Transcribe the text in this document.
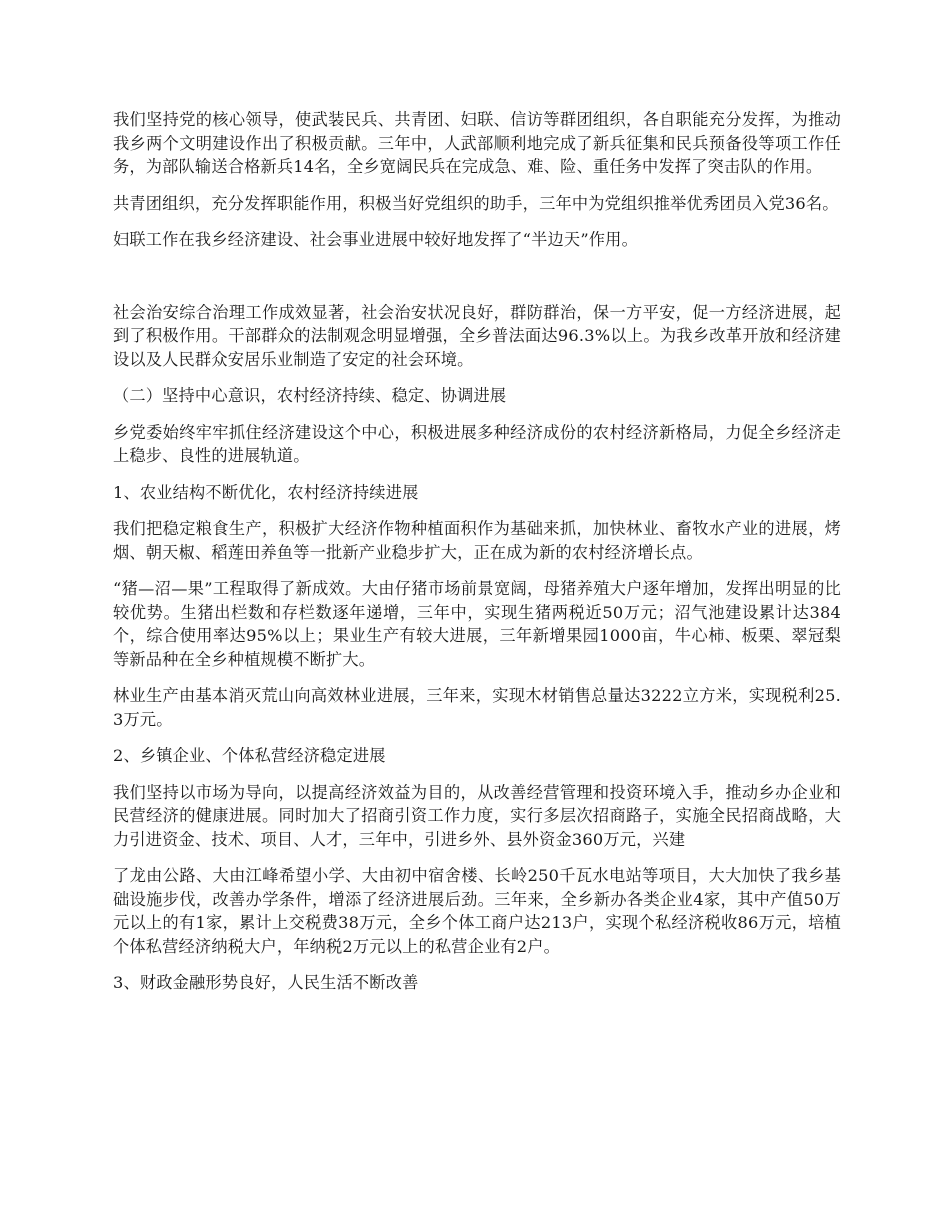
我们坚持党的核心领导，使武装民兵、共青团、妇联、信访等群团组织，各自职能充分发挥，为推动我乡两个文明建设作出了积极贡献。三年中，人武部顺利地完成了新兵征集和民兵预备役等项工作任务，为部队输送合格新兵14名，全乡宽阔民兵在完成急、难、险、重任务中发挥了突击队的作用。

共青团组织，充分发挥职能作用，积极当好党组织的助手，三年中为党组织推举优秀团员入党36名。

妇联工作在我乡经济建设、社会事业进展中较好地发挥了“半边天”作用。

社会治安综合治理工作成效显著，社会治安状况良好，群防群治，保一方平安，促一方经济进展，起到了积极作用。干部群众的法制观念明显增强，全乡普法面达96.3%以上。为我乡改革开放和经济建设以及人民群众安居乐业制造了安定的社会环境。

（二）坚持中心意识，农村经济持续、稳定、协调进展

乡党委始终牢牢抓住经济建设这个中心，积极进展多种经济成份的农村经济新格局，力促全乡经济走上稳步、良性的进展轨道。

1、农业结构不断优化，农村经济持续进展

我们把稳定粮食生产，积极扩大经济作物种植面积作为基础来抓，加快林业、畜牧水产业的进展，烤烟、朝天椒、稻莲田养鱼等一批新产业稳步扩大，正在成为新的农村经济增长点。

“猪—沼—果”工程取得了新成效。大由仔猪市场前景宽阔，母猪养殖大户逐年增加，发挥出明显的比较优势。生猪出栏数和存栏数逐年递增，三年中，实现生猪两税近50万元；沼气池建设累计达384个，综合使用率达95%以上；果业生产有较大进展，三年新增果园1000亩，牛心柿、板栗、翠冠梨等新品种在全乡种植规模不断扩大。

林业生产由基本消灭荒山向高效林业进展，三年来，实现木材销售总量达3222立方米，实现税利25.3万元。

2、乡镇企业、个体私营经济稳定进展

我们坚持以市场为导向，以提高经济效益为目的，从改善经营管理和投资环境入手，推动乡办企业和民营经济的健康进展。同时加大了招商引资工作力度，实行多层次招商路子，实施全民招商战略，大力引进资金、技术、项目、人才，三年中，引进乡外、县外资金360万元，兴建

了龙由公路、大由江峰希望小学、大由初中宿舍楼、长岭250千瓦水电站等项目，大大加快了我乡基础设施步伐，改善办学条件，增添了经济进展后劲。三年来，全乡新办各类企业4家，其中产值50万元以上的有1家，累计上交税费38万元，全乡个体工商户达213户，实现个私经济税收86万元，培植个体私营经济纳税大户，年纳税2万元以上的私营企业有2户。

3、财政金融形势良好，人民生活不断改善
